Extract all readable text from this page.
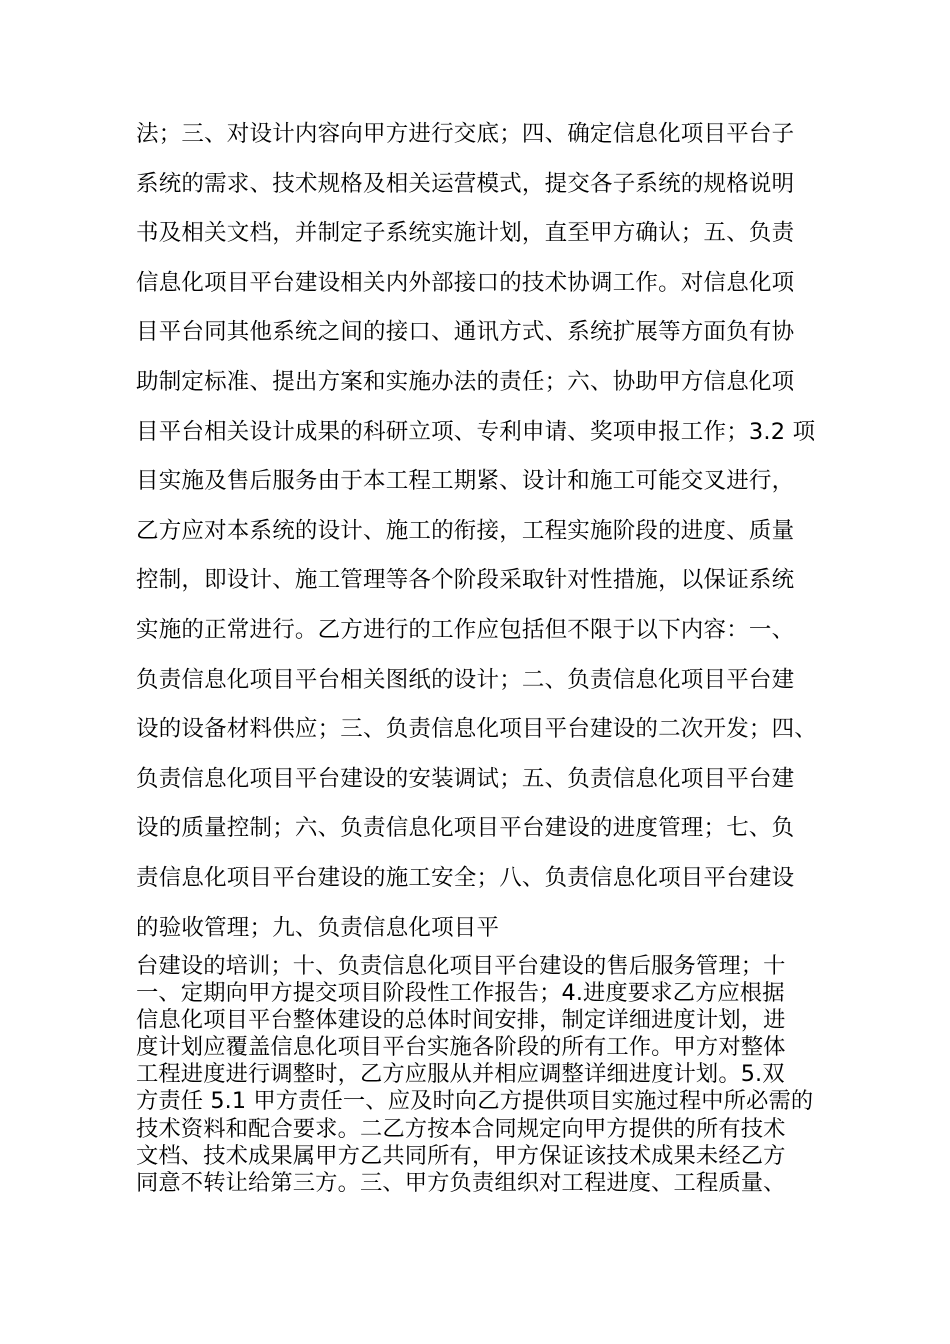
法；三、对设计内容向甲方进行交底；四、确定信息化项目平台子
系统的需求、技术规格及相关运营模式，提交各子系统的规格说明
书及相关文档，并制定子系统实施计划，直至甲方确认；五、负责
信息化项目平台建设相关内外部接口的技术协调工作。对信息化项
目平台同其他系统之间的接口、通讯方式、系统扩展等方面负有协
助制定标准、提出方案和实施办法的责任；六、协助甲方信息化项
目平台相关设计成果的科研立项、专利申请、奖项申报工作；3.2 项
目实施及售后服务由于本工程工期紧、设计和施工可能交叉进行，
乙方应对本系统的设计、施工的衔接，工程实施阶段的进度、质量
控制，即设计、施工管理等各个阶段采取针对性措施，以保证系统
实施的正常进行。乙方进行的工作应包括但不限于以下内容：一、
负责信息化项目平台相关图纸的设计；二、负责信息化项目平台建
设的设备材料供应；三、负责信息化项目平台建设的二次开发；四、
负责信息化项目平台建设的安装调试；五、负责信息化项目平台建
设的质量控制；六、负责信息化项目平台建设的进度管理；七、负
责信息化项目平台建设的施工安全；八、负责信息化项目平台建设
的验收管理；九、负责信息化项目平
台建设的培训；十、负责信息化项目平台建设的售后服务管理；十
一、定期向甲方提交项目阶段性工作报告；4.进度要求乙方应根据
信息化项目平台整体建设的总体时间安排，制定详细进度计划，进
度计划应覆盖信息化项目平台实施各阶段的所有工作。甲方对整体
工程进度进行调整时，乙方应服从并相应调整详细进度计划。5.双
方责任 5.1 甲方责任一、应及时向乙方提供项目实施过程中所必需的
技术资料和配合要求。二乙方按本合同规定向甲方提供的所有技术
文档、技术成果属甲方乙共同所有，甲方保证该技术成果未经乙方
同意不转让给第三方。三、甲方负责组织对工程进度、工程质量、
